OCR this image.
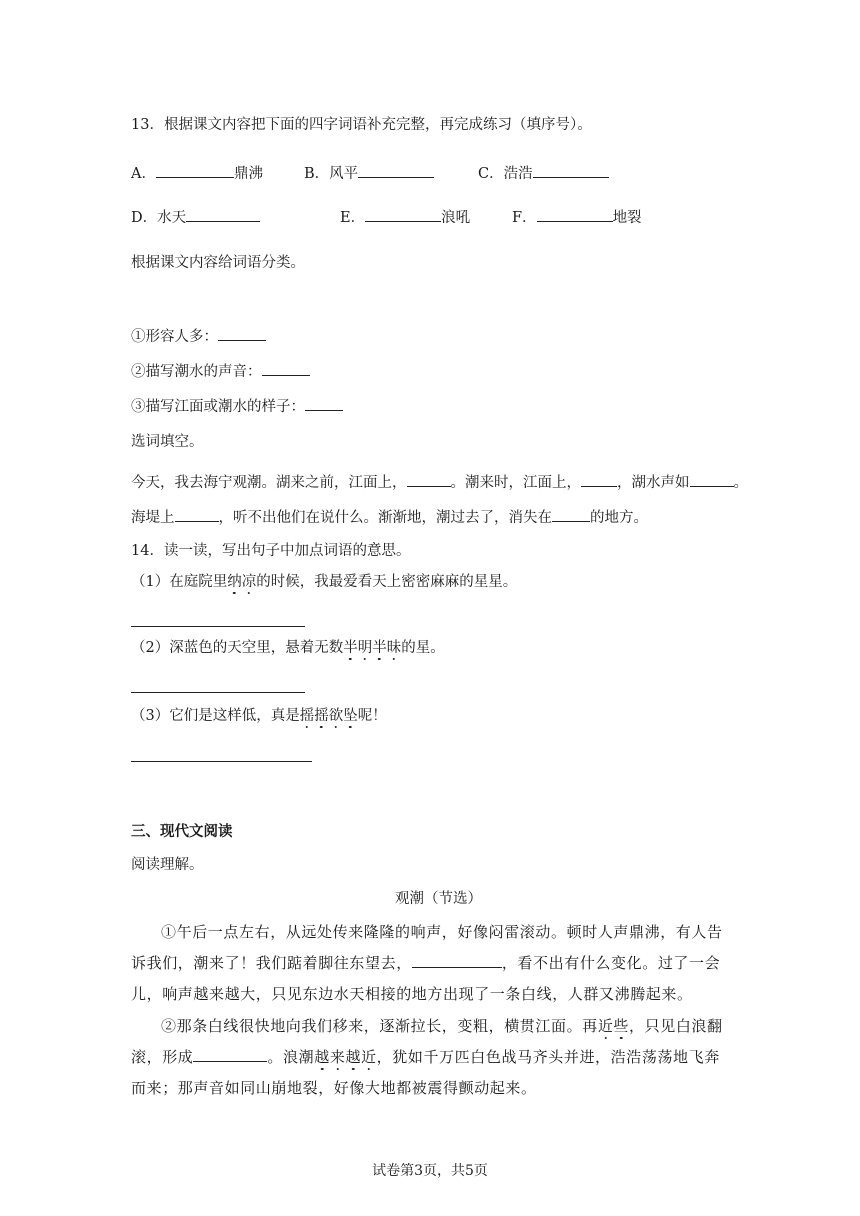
13．根据课文内容把下面的四字词语补充完整，再完成练习（填序号）。
A．	鼎沸	B．风平	C．浩浩
D．水天	E．	浪吼	F．	地裂
根据课文内容给词语分类。
①形容人多：
②描写潮水的声音：
③描写江面或潮水的样子：
选词填空。
今天，我去海宁观潮。湖来之前，江面上，	。潮来时，江面上， ，湖水声如	。
海堤上	，听不出他们在说什么。渐渐地，潮过去了，消失在	的地方。
14．读一读，写出句子中加点词语的意思。
（1）在庭院里纳凉的时候，我最爱看天上密密麻麻的星星。
（2）深蓝色的天空里，悬着无数半明半昧的星。
（3）它们是这样低，真是摇摇欲坠呢！
三、现代文阅读
阅读理解。
观潮（节选）
①午后一点左右，从远处传来隆隆的响声，好像闷雷滚动。顿时人声鼎沸，有人告诉我们，潮来了！我们踮着脚往东望去，	，看不出有什么变化。过了一会儿，响声越来越大，只见东边水天相接的地方出现了一条白线，人群又沸腾起来。
②那条白线很快地向我们移来，逐渐拉长，变粗，横贯江面。再近些，只见白浪翻滚，形成	。浪潮越来越近，犹如千万匹白色战马齐头并进，浩浩荡荡地飞奔而来；那声音如同山崩地裂，好像大地都被震得颤动起来。
试卷第3页，共5页
